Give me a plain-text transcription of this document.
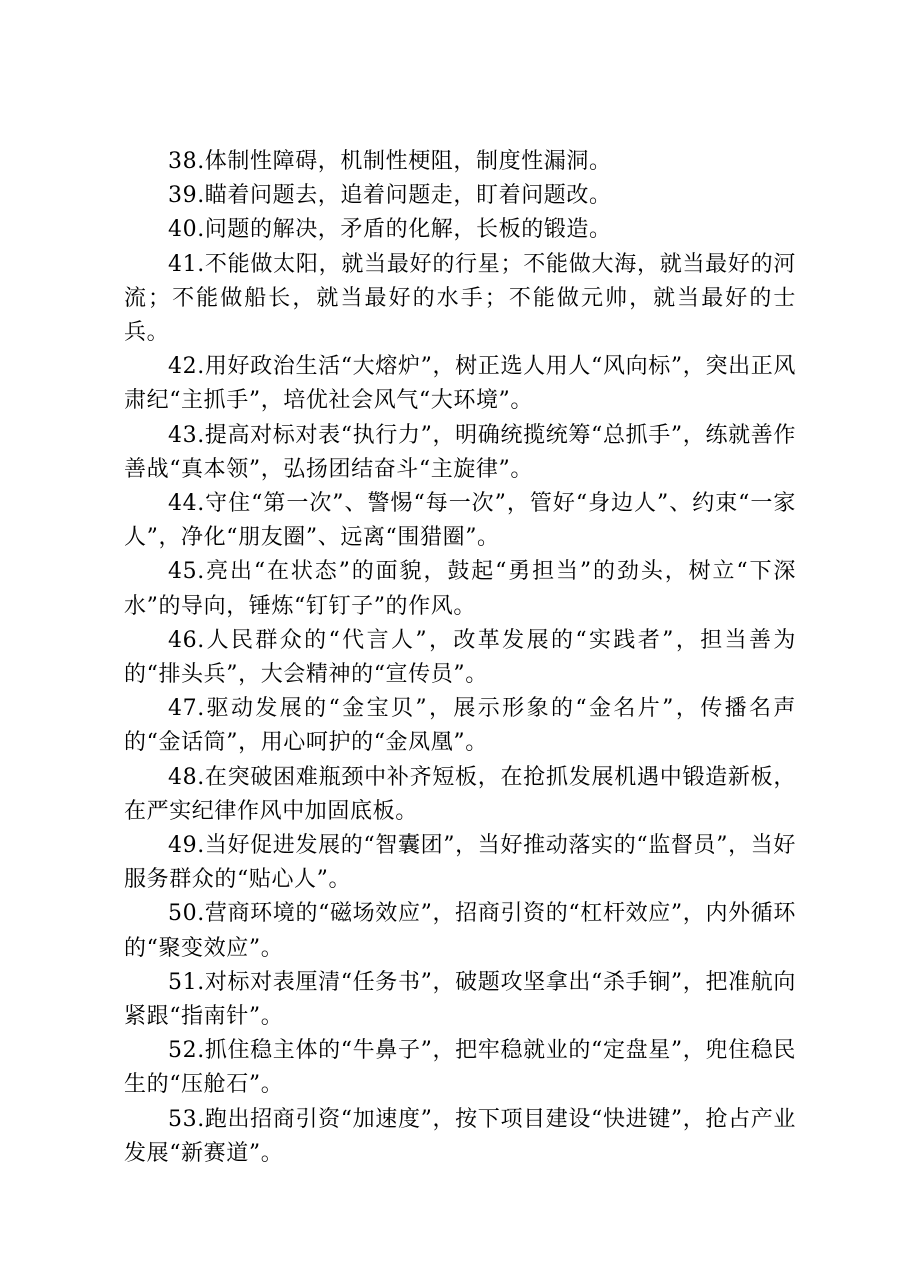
38.体制性障碍，机制性梗阻，制度性漏洞。

39.瞄着问题去，追着问题走，盯着问题改。

40.问题的解决，矛盾的化解，长板的锻造。

41.不能做太阳，就当最好的行星；不能做大海，就当最好的河流；不能做船长，就当最好的水手；不能做元帅，就当最好的士兵。

42.用好政治生活“大熔炉”，树正选人用人“风向标”，突出正风肃纪“主抓手”，培优社会风气“大环境”。

43.提高对标对表“执行力”，明确统揽统筹“总抓手”，练就善作善战“真本领”，弘扬团结奋斗“主旋律”。

44.守住“第一次”、警惕“每一次”，管好“身边人”、约束“一家人”，净化“朋友圈”、远离“围猎圈”。

45.亮出“在状态”的面貌，鼓起“勇担当”的劲头，树立“下深水”的导向，锤炼“钉钉子”的作风。

46.人民群众的“代言人”，改革发展的“实践者”，担当善为的“排头兵”，大会精神的“宣传员”。

47.驱动发展的“金宝贝”，展示形象的“金名片”，传播名声的“金话筒”，用心呵护的“金凤凰”。

48.在突破困难瓶颈中补齐短板，在抢抓发展机遇中锻造新板，在严实纪律作风中加固底板。

49.当好促进发展的“智囊团”，当好推动落实的“监督员”，当好服务群众的“贴心人”。

50.营商环境的“磁场效应”，招商引资的“杠杆效应”，内外循环的“聚变效应”。

51.对标对表厘清“任务书”，破题攻坚拿出“杀手锏”，把准航向紧跟“指南针”。

52.抓住稳主体的“牛鼻子”，把牢稳就业的“定盘星”，兜住稳民生的“压舱石”。

53.跑出招商引资“加速度”，按下项目建设“快进键”，抢占产业发展“新赛道”。
